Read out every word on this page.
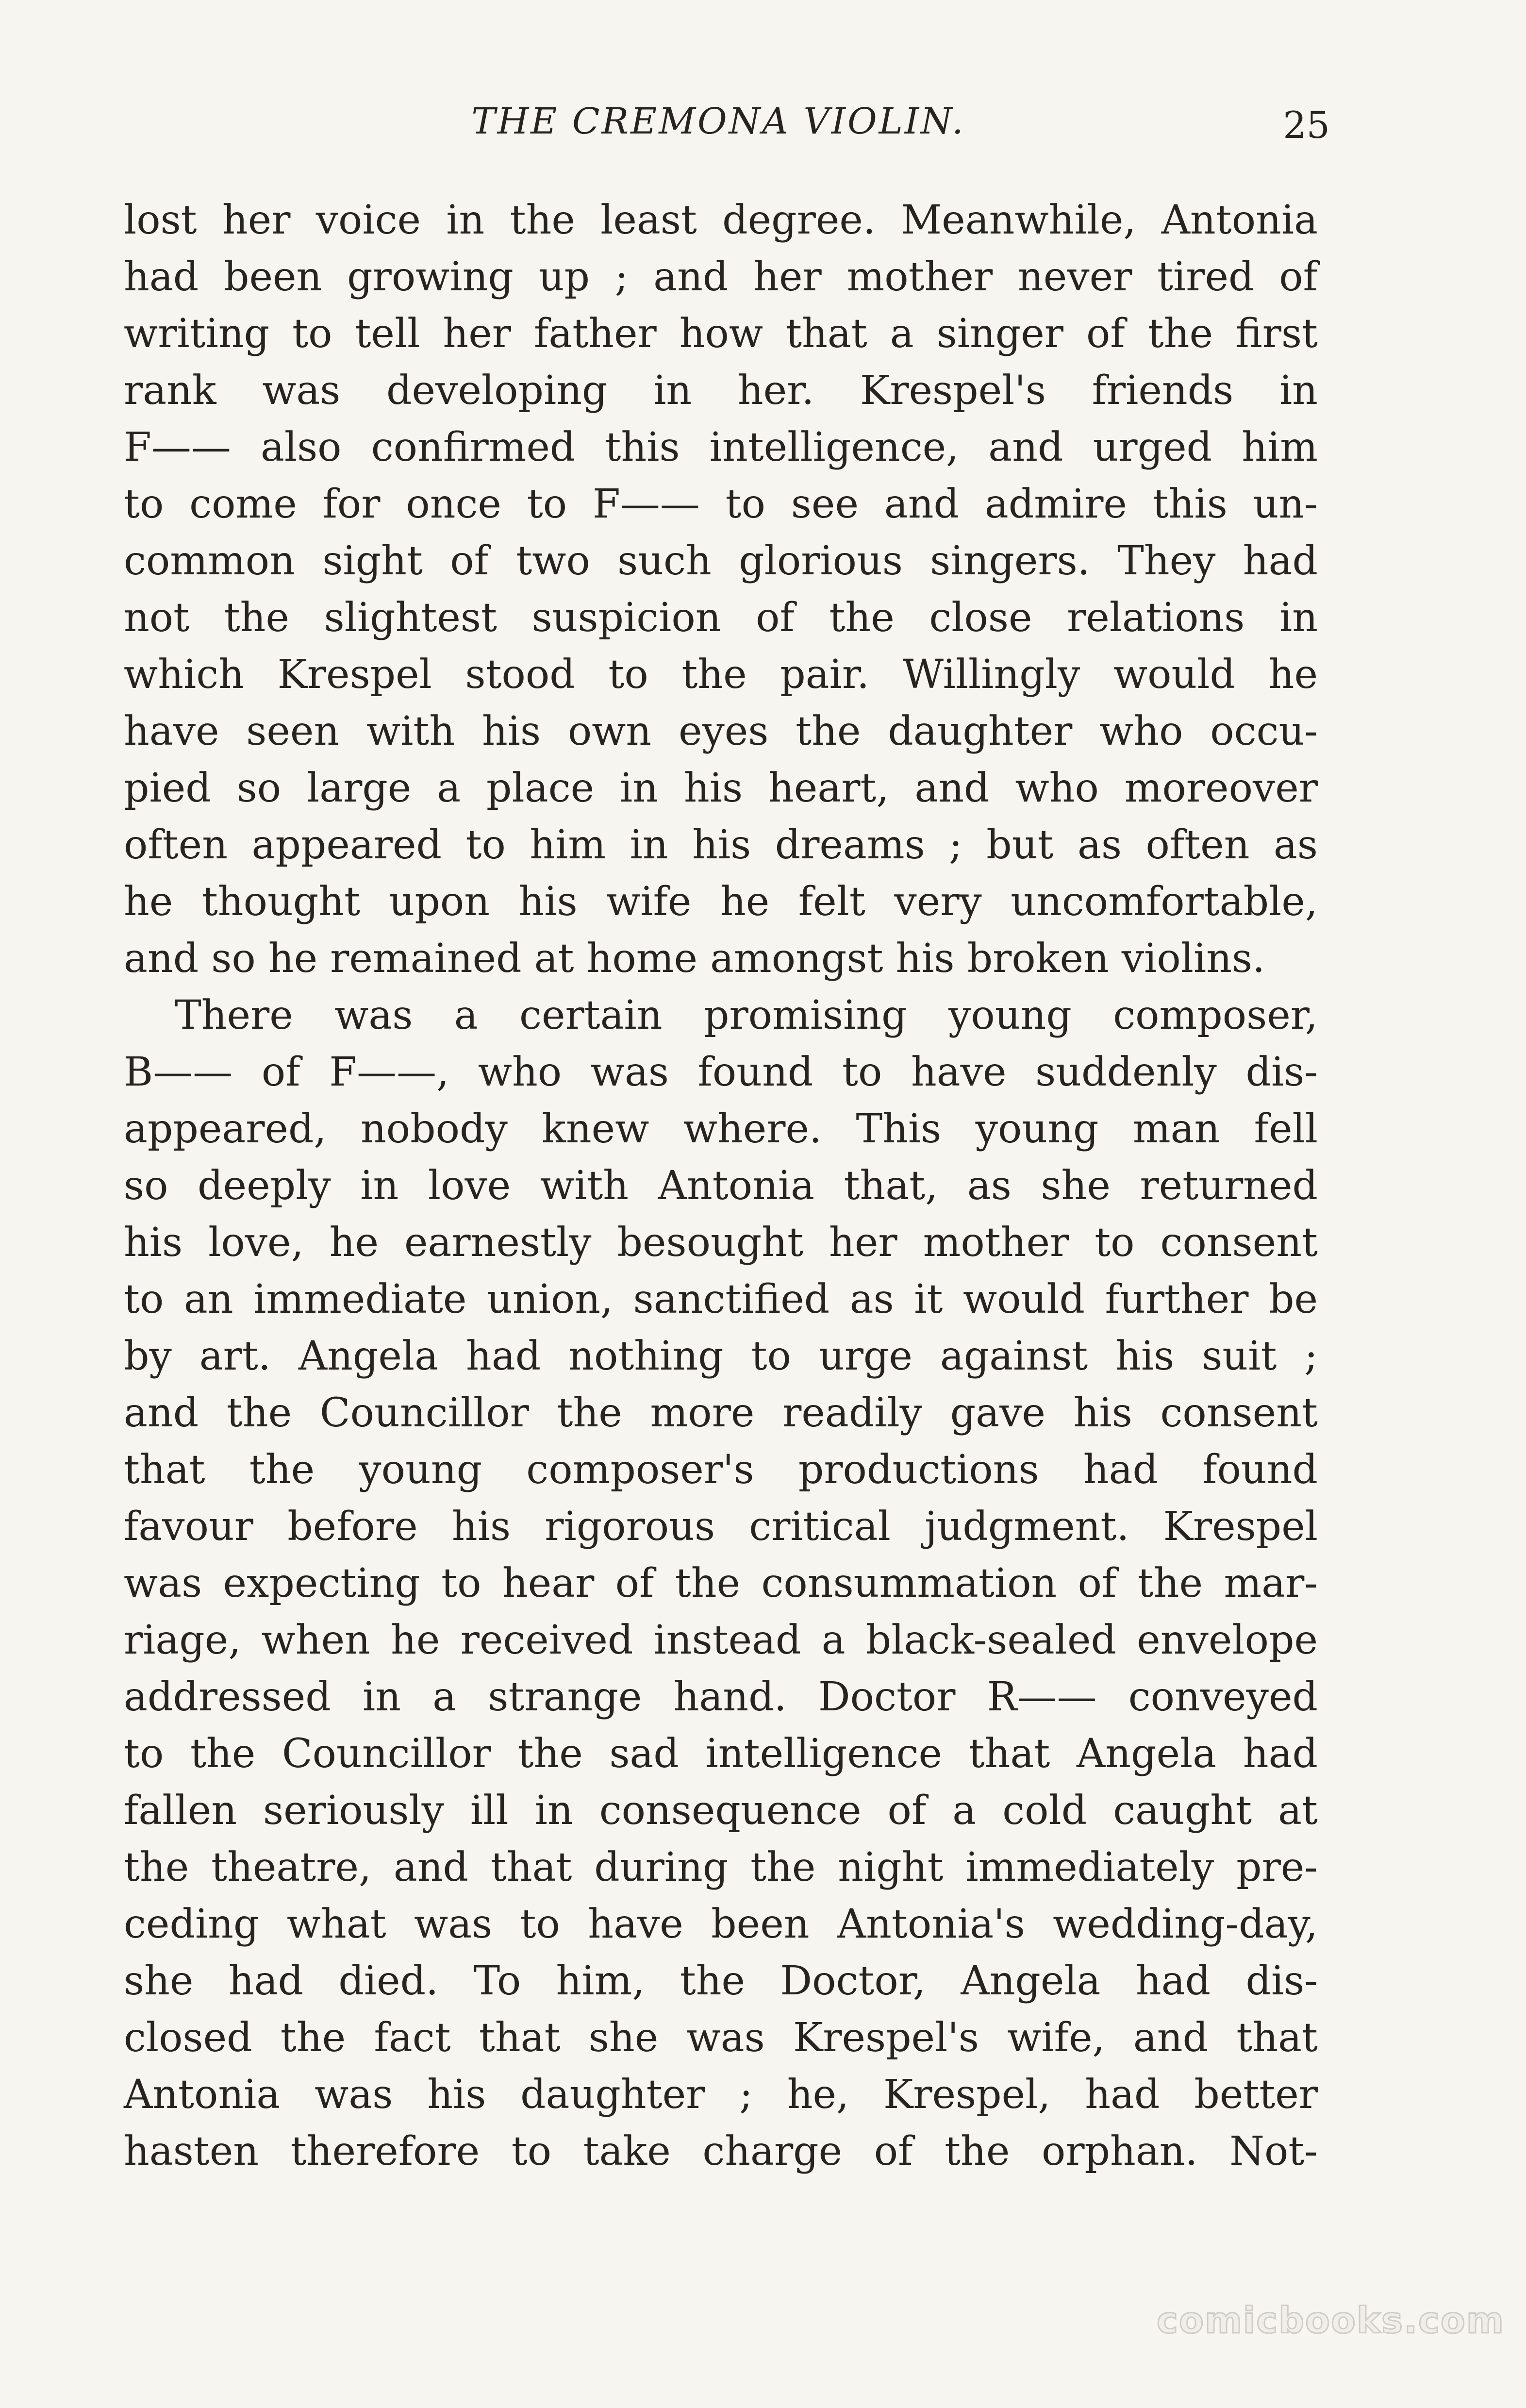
THE CREMONA VIOLIN.	25
lost her voice in the least degree. Meanwhile, Antonia
had been growing up ; and her mother never tired of
writing to tell her father how that a singer of the first
rank was developing in her. Krespel's friends in
F—— also confirmed this intelligence, and urged him
to come for once to F—— to see and admire this un-
common sight of two such glorious singers. They had
not the slightest suspicion of the close relations in
which Krespel stood to the pair. Willingly would he
have seen with his own eyes the daughter who occu-
pied so large a place in his heart, and who moreover
often appeared to him in his dreams ; but as often as
he thought upon his wife he felt very uncomfortable,
and so he remained at home amongst his broken violins.
There was a certain promising young composer,
B—— of F——, who was found to have suddenly dis-
appeared, nobody knew where. This young man fell
so deeply in love with Antonia that, as she returned
his love, he earnestly besought her mother to consent
to an immediate union, sanctified as it would further be
by art. Angela had nothing to urge against his suit ;
and the Councillor the more readily gave his consent
that the young composer's productions had found
favour before his rigorous critical judgment. Krespel
was expecting to hear of the consummation of the mar-
riage, when he received instead a black-sealed envelope
addressed in a strange hand. Doctor R—— conveyed
to the Councillor the sad intelligence that Angela had
fallen seriously ill in consequence of a cold caught at
the theatre, and that during the night immediately pre-
ceding what was to have been Antonia's wedding-day,
she had died. To him, the Doctor, Angela had dis-
closed the fact that she was Krespel's wife, and that
Antonia was his daughter ; he, Krespel, had better
hasten therefore to take charge of the orphan. Not-
comicbooks.com
